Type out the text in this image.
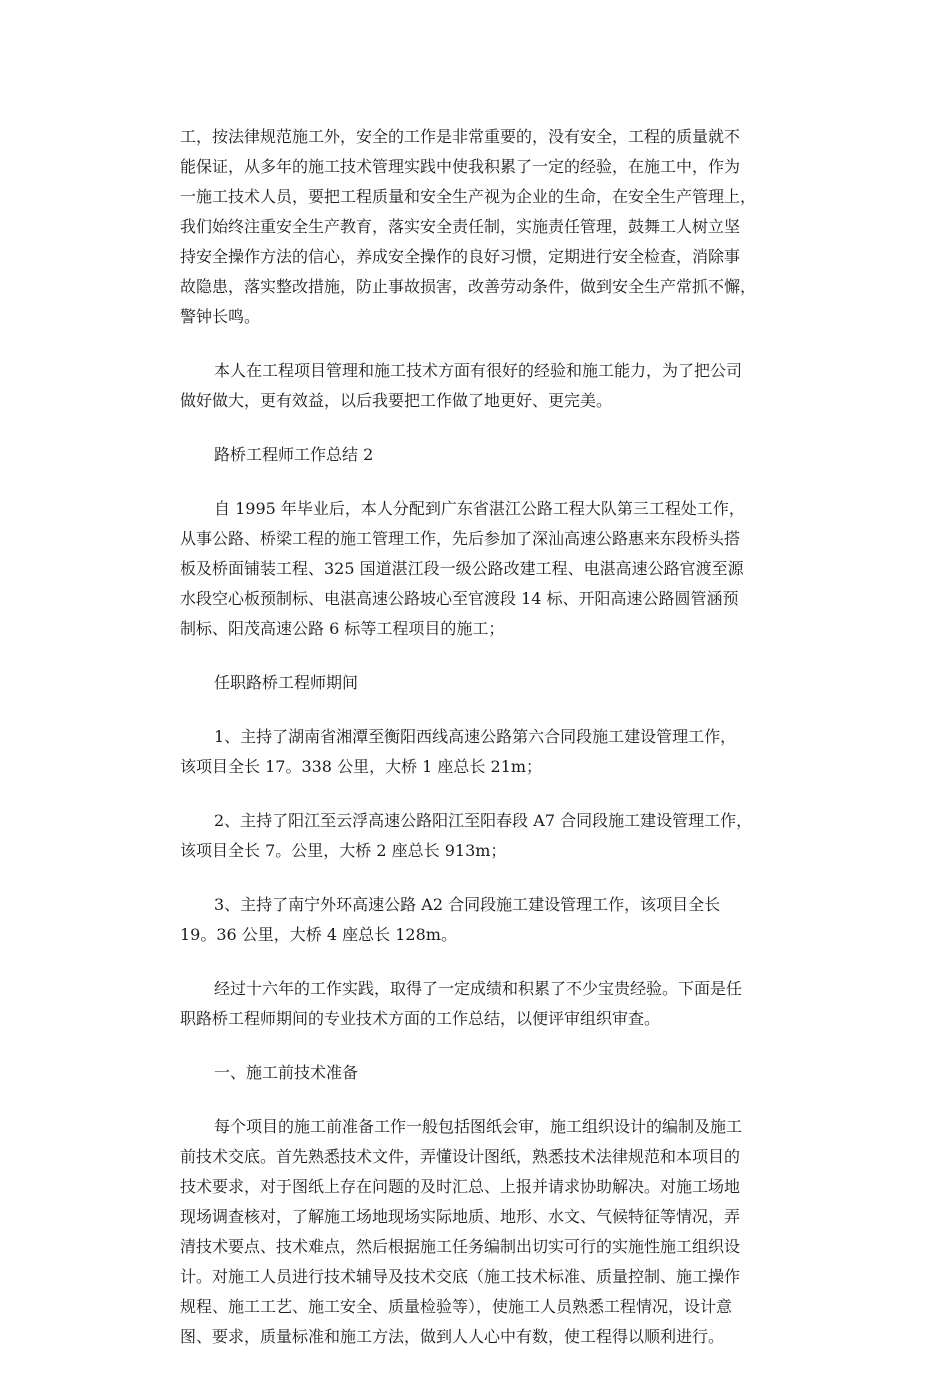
工，按法律规范施工外，安全的工作是非常重要的，没有安全，工程的质量就不
能保证，从多年的施工技术管理实践中使我积累了一定的经验，在施工中，作为
一施工技术人员，要把工程质量和安全生产视为企业的生命，在安全生产管理上，
我们始终注重安全生产教育，落实安全责任制，实施责任管理，鼓舞工人树立坚
持安全操作方法的信心，养成安全操作的良好习惯，定期进行安全检查，消除事
故隐患，落实整改措施，防止事故损害，改善劳动条件，做到安全生产常抓不懈，
警钟长鸣。

本人在工程项目管理和施工技术方面有很好的经验和施工能力，为了把公司
做好做大，更有效益，以后我要把工作做了地更好、更完美。

路桥工程师工作总结 2

自 1995 年毕业后，本人分配到广东省湛江公路工程大队第三工程处工作，
从事公路、桥梁工程的施工管理工作，先后参加了深汕高速公路惠来东段桥头搭
板及桥面铺装工程、325 国道湛江段一级公路改建工程、电湛高速公路官渡至源
水段空心板预制标、电湛高速公路坡心至官渡段 14 标、开阳高速公路圆管涵预
制标、阳茂高速公路 6 标等工程项目的施工；

任职路桥工程师期间

1、主持了湖南省湘潭至衡阳西线高速公路第六合同段施工建设管理工作，
该项目全长 17。338 公里，大桥 1 座总长 21m；

2、主持了阳江至云浮高速公路阳江至阳春段 A7 合同段施工建设管理工作，
该项目全长 7。公里，大桥 2 座总长 913m；

3、主持了南宁外环高速公路 A2 合同段施工建设管理工作，该项目全长
19。36 公里，大桥 4 座总长 128m。

经过十六年的工作实践，取得了一定成绩和积累了不少宝贵经验。下面是任
职路桥工程师期间的专业技术方面的工作总结，以便评审组织审查。

一、施工前技术准备

每个项目的施工前准备工作一般包括图纸会审，施工组织设计的编制及施工
前技术交底。首先熟悉技术文件，弄懂设计图纸，熟悉技术法律规范和本项目的
技术要求，对于图纸上存在问题的及时汇总、上报并请求协助解决。对施工场地
现场调查核对，了解施工场地现场实际地质、地形、水文、气候特征等情况，弄
清技术要点、技术难点，然后根据施工任务编制出切实可行的实施性施工组织设
计。对施工人员进行技术辅导及技术交底（施工技术标准、质量控制、施工操作
规程、施工工艺、施工安全、质量检验等），使施工人员熟悉工程情况，设计意
图、要求，质量标准和施工方法，做到人人心中有数，使工程得以顺利进行。
